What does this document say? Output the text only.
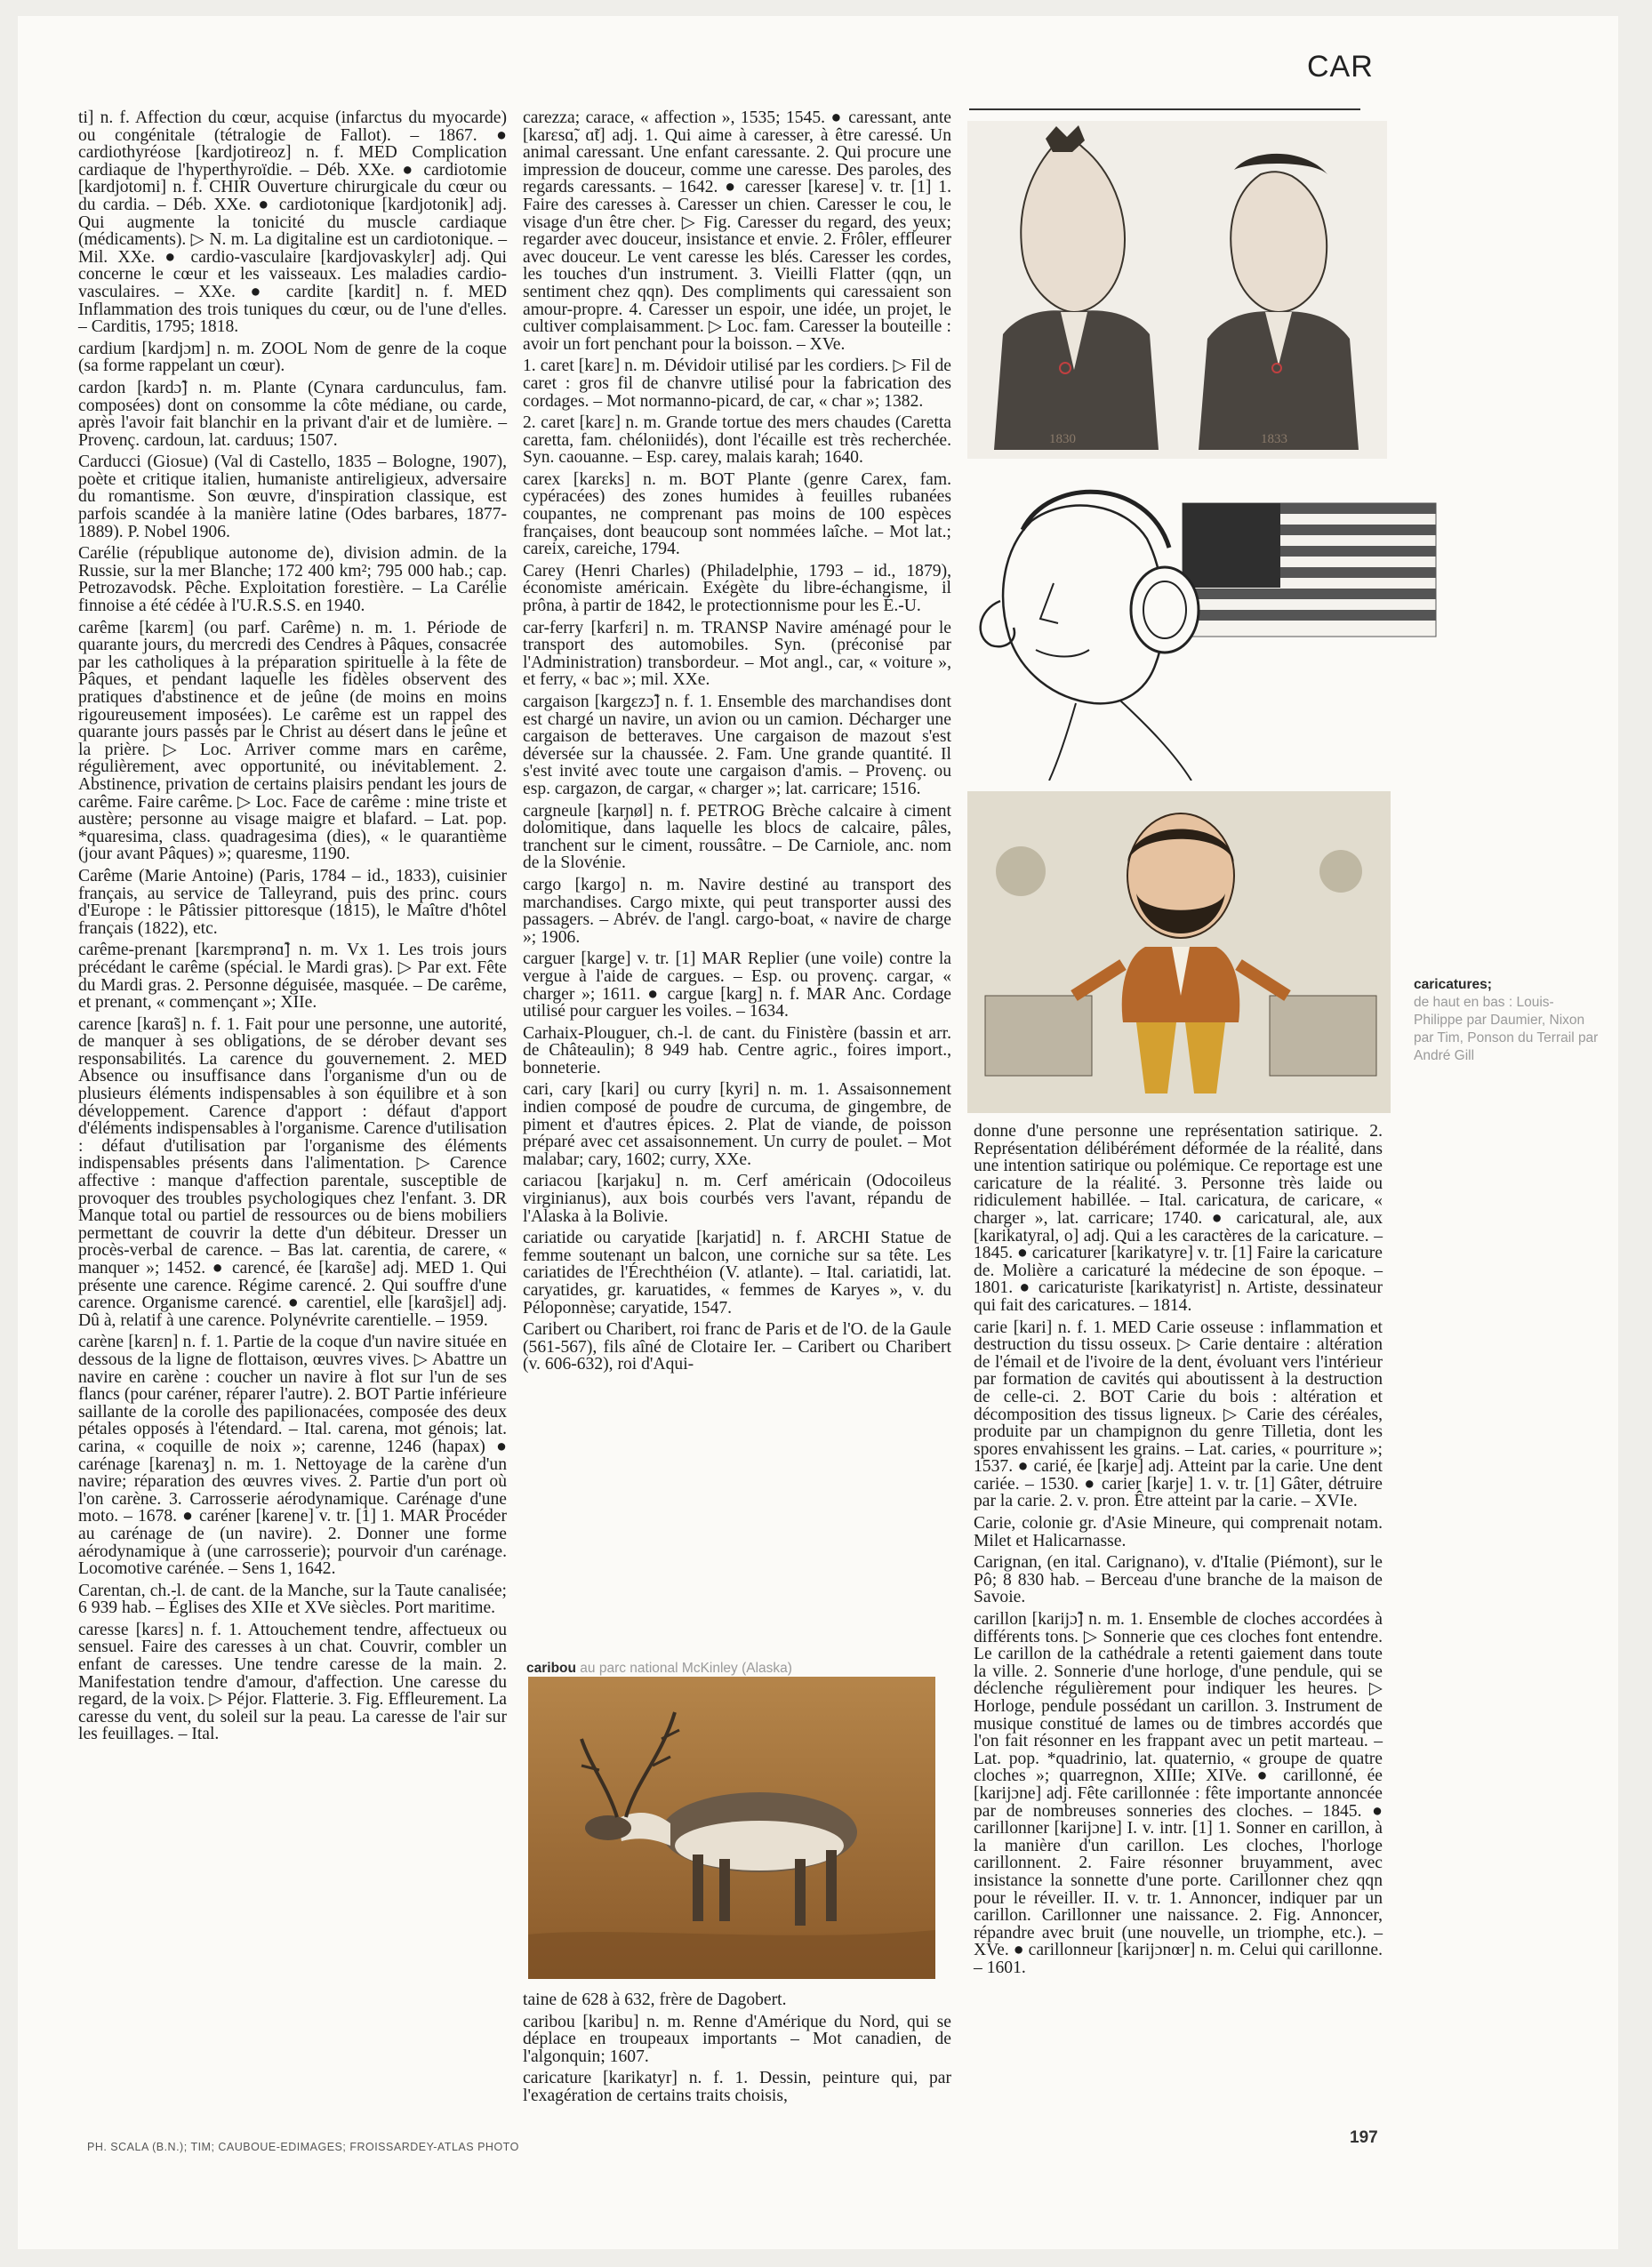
CAR

ti] n. f. Affection du cœur, acquise (infarctus du myocarde) ou congénitale (tétralogie de Fallot). – 1867. ● cardiothyréose [kardjotireoz] n. f. MED Complication cardiaque de l'hyperthyroïdie. – Déb. XXe. ● cardiotomie [kardjotomi] n. f. CHIR Ouverture chirurgicale du cœur ou du cardia. – Déb. XXe. ● cardiotonique [kardjotonik] adj. Qui augmente la tonicité du muscle cardiaque (médicaments). ▷ N. m. La digitaline est un cardiotonique. – Mil. XXe. ● cardio-vasculaire [kardjovaskylɛr] adj. Qui concerne le cœur et les vaisseaux. Les maladies cardio-vasculaires. – XXe. ● cardite [kardit] n. f. MED Inflammation des trois tuniques du cœur, ou de l'une d'elles. – Carditis, 1795; 1818.

cardium [kardjɔm] n. m. ZOOL Nom de genre de la coque (sa forme rappelant un cœur).

cardon [kardɔ̃] n. m. Plante (Cynara cardunculus, fam. composées) dont on consomme la côte médiane, ou carde, après l'avoir fait blanchir en la privant d'air et de lumière. – Provenç. cardoun, lat. carduus; 1507.

Carducci (Giosue) (Val di Castello, 1835 – Bologne, 1907), poète et critique italien, humaniste antireligieux, adversaire du romantisme. Son œuvre, d'inspiration classique, est parfois scandée à la manière latine (Odes barbares, 1877-1889). P. Nobel 1906.

Carélie (république autonome de), division admin. de la Russie, sur la mer Blanche; 172 400 km²; 795 000 hab.; cap. Petrozavodsk. Pêche. Exploitation forestière. – La Carélie finnoise a été cédée à l'U.R.S.S. en 1940.

carême [karɛm] (ou parf. Carême) n. m. 1. Période de quarante jours, du mercredi des Cendres à Pâques, consacrée par les catholiques à la préparation spirituelle à la fête de Pâques, et pendant laquelle les fidèles observent des pratiques d'abstinence et de jeûne (de moins en moins rigoureusement imposées). Le carême est un rappel des quarante jours passés par le Christ au désert dans le jeûne et la prière. ▷ Loc. Arriver comme mars en carême, régulièrement, avec opportunité, ou inévitablement. 2. Abstinence, privation de certains plaisirs pendant les jours de carême. Faire carême. ▷ Loc. Face de carême : mine triste et austère; personne au visage maigre et blafard. – Lat. pop. *quaresima, class. quadragesima (dies), « le quarantième (jour avant Pâques) »; quaresme, 1190.

Carême (Marie Antoine) (Paris, 1784 – id., 1833), cuisinier français, au service de Talleyrand, puis des princ. cours d'Europe : le Pâtissier pittoresque (1815), le Maître d'hôtel français (1822), etc.

carême-prenant [karɛmprənɑ̃] n. m. Vx 1. Les trois jours précédant le carême (spécial. le Mardi gras). ▷ Par ext. Fête du Mardi gras. 2. Personne déguisée, masquée. – De carême, et prenant, « commençant »; XIIe.

carence [karɑ̃s] n. f. 1. Fait pour une personne, une autorité, de manquer à ses obligations, de se dérober devant ses responsabilités. La carence du gouvernement. 2. MED Absence ou insuffisance dans l'organisme d'un ou de plusieurs éléments indispensables à son équilibre et à son développement. Carence d'apport : défaut d'apport d'éléments indispensables à l'organisme. Carence d'utilisation : défaut d'utilisation par l'organisme des éléments indispensables présents dans l'alimentation. ▷ Carence affective : manque d'affection parentale, susceptible de provoquer des troubles psychologiques chez l'enfant. 3. DR Manque total ou partiel de ressources ou de biens mobiliers permettant de couvrir la dette d'un débiteur. Dresser un procès-verbal de carence. – Bas lat. carentia, de carere, « manquer »; 1452. ● carencé, ée [karɑ̃se] adj. MED 1. Qui présente une carence. Régime carencé. 2. Qui souffre d'une carence. Organisme carencé. ● carentiel, elle [karɑ̃sjɛl] adj. Dû à, relatif à une carence. Polynévrite carentielle. – 1959.

carène [karɛn] n. f. 1. Partie de la coque d'un navire située en dessous de la ligne de flottaison, œuvres vives. ▷ Abattre un navire en carène : coucher un navire à flot sur l'un de ses flancs (pour caréner, réparer l'autre). 2. BOT Partie inférieure saillante de la corolle des papilionacées, composée des deux pétales opposés à l'étendard. – Ital. carena, mot génois; lat. carina, « coquille de noix »; carenne, 1246 (hapax) ● carénage [karenaʒ] n. m. 1. Nettoyage de la carène d'un navire; réparation des œuvres vives. 2. Partie d'un port où l'on carène. 3. Carrosserie aérodynamique. Carénage d'une moto. – 1678. ● caréner [karene] v. tr. [1] 1. MAR Procéder au carénage de (un navire). 2. Donner une forme aérodynamique à (une carrosserie); pourvoir d'un carénage. Locomotive carénée. – Sens 1, 1642.

Carentan, ch.-l. de cant. de la Manche, sur la Taute canalisée; 6 939 hab. – Églises des XIIe et XVe siècles. Port maritime.

caresse [karɛs] n. f. 1. Attouchement tendre, affectueux ou sensuel. Faire des caresses à un chat. Couvrir, combler un enfant de caresses. Une tendre caresse de la main. 2. Manifestation tendre d'amour, d'affection. Une caresse du regard, de la voix. ▷ Péjor. Flatterie. 3. Fig. Effleurement. La caresse du vent, du soleil sur la peau. La caresse de l'air sur les feuillages. – Ital.

carezza; carace, « affection », 1535; 1545. ● caressant, ante [karɛsɑ̃, ɑ̃t] adj. 1. Qui aime à caresser, à être caressé. Un animal caressant. Une enfant caressante. 2. Qui procure une impression de douceur, comme une caresse. Des paroles, des regards caressants. – 1642. ● caresser [karese] v. tr. [1] 1. Faire des caresses à. Caresser un chien. Caresser le cou, le visage d'un être cher. ▷ Fig. Caresser du regard, des yeux; regarder avec douceur, insistance et envie. 2. Frôler, effleurer avec douceur. Le vent caresse les blés. Caresser les cordes, les touches d'un instrument. 3. Vieilli Flatter (qqn, un sentiment chez qqn). Des compliments qui caressaient son amour-propre. 4. Caresser un espoir, une idée, un projet, le cultiver complaisamment. ▷ Loc. fam. Caresser la bouteille : avoir un fort penchant pour la boisson. – XVe.

1. caret [karɛ] n. m. Dévidoir utilisé par les cordiers. ▷ Fil de caret : gros fil de chanvre utilisé pour la fabrication des cordages. – Mot normanno-picard, de car, « char »; 1382.

2. caret [karɛ] n. m. Grande tortue des mers chaudes (Caretta caretta, fam. chéloniidés), dont l'écaille est très recherchée. Syn. caouanne. – Esp. carey, malais karah; 1640.

carex [karɛks] n. m. BOT Plante (genre Carex, fam. cypéracées) des zones humides à feuilles rubanées coupantes, ne comprenant pas moins de 100 espèces françaises, dont beaucoup sont nommées laîche. – Mot lat.; careix, careiche, 1794.

Carey (Henri Charles) (Philadelphie, 1793 – id., 1879), économiste américain. Exégète du libre-échangisme, il prôna, à partir de 1842, le protectionnisme pour les É.-U.

car-ferry [karfɛri] n. m. TRANSP Navire aménagé pour le transport des automobiles. Syn. (préconisé par l'Administration) transbordeur. – Mot angl., car, « voiture », et ferry, « bac »; mil. XXe.

cargaison [kargɛzɔ̃] n. f. 1. Ensemble des marchandises dont est chargé un navire, un avion ou un camion. Décharger une cargaison de betteraves. Une cargaison de mazout s'est déversée sur la chaussée. 2. Fam. Une grande quantité. Il s'est invité avec toute une cargaison d'amis. – Provenç. ou esp. cargazon, de cargar, « charger »; lat. carricare; 1516.

cargneule [karɲøl] n. f. PETROG Brèche calcaire à ciment dolomitique, dans laquelle les blocs de calcaire, pâles, tranchent sur le ciment, roussâtre. – De Carniole, anc. nom de la Slovénie.

cargo [kargo] n. m. Navire destiné au transport des marchandises. Cargo mixte, qui peut transporter aussi des passagers. – Abrév. de l'angl. cargo-boat, « navire de charge »; 1906.

carguer [karge] v. tr. [1] MAR Replier (une voile) contre la vergue à l'aide de cargues. – Esp. ou provenç. cargar, « charger »; 1611. ● cargue [karg] n. f. MAR Anc. Cordage utilisé pour carguer les voiles. – 1634.

Carhaix-Plouguer, ch.-l. de cant. du Finistère (bassin et arr. de Châteaulin); 8 949 hab. Centre agric., foires import., bonneterie.

cari, cary [kari] ou curry [kyri] n. m. 1. Assaisonnement indien composé de poudre de curcuma, de gingembre, de piment et d'autres épices. 2. Plat de viande, de poisson préparé avec cet assaisonnement. Un curry de poulet. – Mot malabar; cary, 1602; curry, XXe.

cariacou [karjaku] n. m. Cerf américain (Odocoileus virginianus), aux bois courbés vers l'avant, répandu de l'Alaska à la Bolivie.

cariatide ou caryatide [karjatid] n. f. ARCHI Statue de femme soutenant un balcon, une corniche sur sa tête. Les cariatides de l'Érechthéion (V. atlante). – Ital. cariatidi, lat. caryatides, gr. karuatides, « femmes de Karyes », v. du Péloponnèse; caryatide, 1547.

Caribert ou Charibert, roi franc de Paris et de l'O. de la Gaule (561-567), fils aîné de Clotaire Ier. – Caribert ou Charibert (v. 606-632), roi d'Aqui-

taine de 628 à 632, frère de Dagobert.

caribou [karibu] n. m. Renne d'Amérique du Nord, qui se déplace en troupeaux importants – Mot canadien, de l'algonquin; 1607.

caricature [karikatyr] n. f. 1. Dessin, peinture qui, par l'exagération de certains traits choisis,

donne d'une personne une représentation satirique. 2. Représentation délibérément déformée de la réalité, dans une intention satirique ou polémique. Ce reportage est une caricature de la réalité. 3. Personne très laide ou ridiculement habillée. – Ital. caricatura, de caricare, « charger », lat. carricare; 1740. ● caricatural, ale, aux [karikatyral, o] adj. Qui a les caractères de la caricature. – 1845. ● caricaturer [karikatyre] v. tr. [1] Faire la caricature de. Molière a caricaturé la médecine de son époque. – 1801. ● caricaturiste [karikatyrist] n. Artiste, dessinateur qui fait des caricatures. – 1814.

carie [kari] n. f. 1. MED Carie osseuse : inflammation et destruction du tissu osseux. ▷ Carie dentaire : altération de l'émail et de l'ivoire de la dent, évoluant vers l'intérieur par formation de cavités qui aboutissent à la destruction de celle-ci. 2. BOT Carie du bois : altération et décomposition des tissus ligneux. ▷ Carie des céréales, produite par un champignon du genre Tilletia, dont les spores envahissent les grains. – Lat. caries, « pourriture »; 1537. ● carié, ée [karje] adj. Atteint par la carie. Une dent cariée. – 1530. ● carier [karje] 1. v. tr. [1] Gâter, détruire par la carie. 2. v. pron. Être atteint par la carie. – XVIe.

Carie, colonie gr. d'Asie Mineure, qui comprenait notam. Milet et Halicarnasse.

Carignan, (en ital. Carignano), v. d'Italie (Piémont), sur le Pô; 8 830 hab. – Berceau d'une branche de la maison de Savoie.

carillon [karijɔ̃] n. m. 1. Ensemble de cloches accordées à différents tons. ▷ Sonnerie que ces cloches font entendre. Le carillon de la cathédrale a retenti gaiement dans toute la ville. 2. Sonnerie d'une horloge, d'une pendule, qui se déclenche régulièrement pour indiquer les heures. ▷ Horloge, pendule possédant un carillon. 3. Instrument de musique constitué de lames ou de timbres accordés que l'on fait résonner en les frappant avec un petit marteau. – Lat. pop. *quadrinio, lat. quaternio, « groupe de quatre cloches »; quarregnon, XIIIe; XIVe. ● carillonné, ée [karijɔne] adj. Fête carillonnée : fête importante annoncée par de nombreuses sonneries des cloches. – 1845. ● carillonner [karijɔne] I. v. intr. [1] 1. Sonner en carillon, à la manière d'un carillon. Les cloches, l'horloge carillonnent. 2. Faire résonner bruyamment, avec insistance la sonnette d'une porte. Carillonner chez qqn pour le réveiller. II. v. tr. 1. Annoncer, indiquer par un carillon. Carillonner une naissance. 2. Fig. Annoncer, répandre avec bruit (une nouvelle, un triomphe, etc.). – XVe. ● carillonneur [karijɔnœr] n. m. Celui qui carillonne. – 1601.

1830	1833
caricatures;
de haut en bas : Louis-Philippe par Daumier, Nixon par Tim, Ponson du Terrail par André Gill
caribou au parc national McKinley (Alaska)
PH. SCALA (B.N.); TIM; CAUBOUE-EDIMAGES; FROISSARDEY-ATLAS PHOTO	197
